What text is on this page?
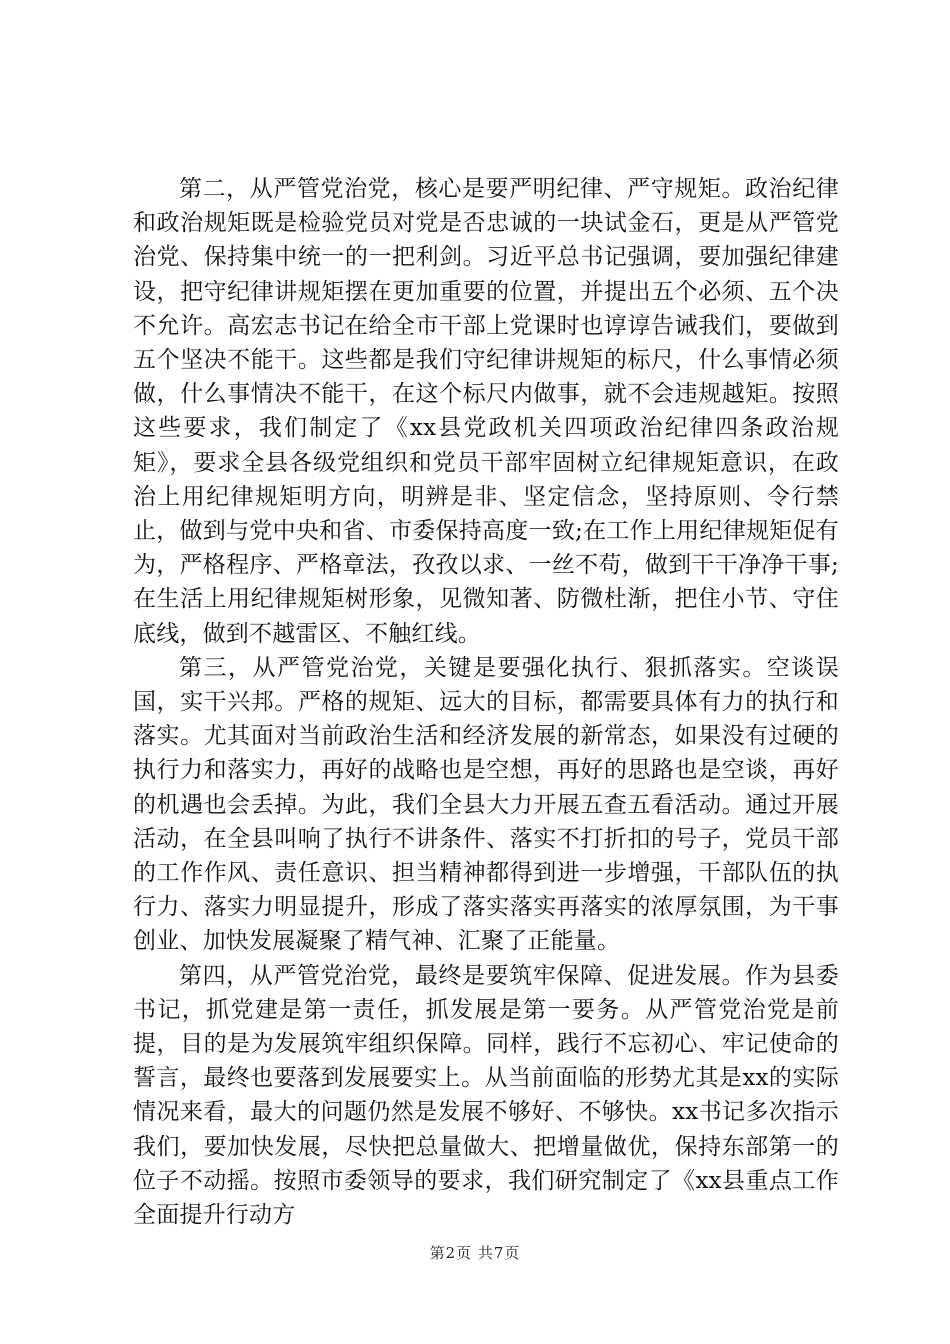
第二，从严管党治党，核心是要严明纪律、严守规矩。政治纪律和政治规矩既是检验党员对党是否忠诚的一块试金石，更是从严管党治党、保持集中统一的一把利剑。习近平总书记强调，要加强纪律建设，把守纪律讲规矩摆在更加重要的位置，并提出五个必须、五个决不允许。高宏志书记在给全市干部上党课时也谆谆告诫我们，要做到五个坚决不能干。这些都是我们守纪律讲规矩的标尺，什么事情必须做，什么事情决不能干，在这个标尺内做事，就不会违规越矩。按照这些要求，我们制定了《xx县党政机关四项政治纪律四条政治规矩》，要求全县各级党组织和党员干部牢固树立纪律规矩意识，在政治上用纪律规矩明方向，明辨是非、坚定信念，坚持原则、令行禁止，做到与党中央和省、市委保持高度一致;在工作上用纪律规矩促有为，严格程序、严格章法，孜孜以求、一丝不苟，做到干干净净干事;在生活上用纪律规矩树形象，见微知著、防微杜渐，把住小节、守住底线，做到不越雷区、不触红线。

第三，从严管党治党，关键是要强化执行、狠抓落实。空谈误国，实干兴邦。严格的规矩、远大的目标，都需要具体有力的执行和落实。尤其面对当前政治生活和经济发展的新常态，如果没有过硬的执行力和落实力，再好的战略也是空想，再好的思路也是空谈，再好的机遇也会丢掉。为此，我们全县大力开展五查五看活动。通过开展活动，在全县叫响了执行不讲条件、落实不打折扣的号子，党员干部的工作作风、责任意识、担当精神都得到进一步增强，干部队伍的执行力、落实力明显提升，形成了落实落实再落实的浓厚氛围，为干事创业、加快发展凝聚了精气神、汇聚了正能量。

第四，从严管党治党，最终是要筑牢保障、促进发展。作为县委书记，抓党建是第一责任，抓发展是第一要务。从严管党治党是前提，目的是为发展筑牢组织保障。同样，践行不忘初心、牢记使命的誓言，最终也要落到发展要实上。从当前面临的形势尤其是xx的实际情况来看，最大的问题仍然是发展不够好、不够快。xx书记多次指示我们，要加快发展，尽快把总量做大、把增量做优，保持东部第一的位子不动摇。按照市委领导的要求，我们研究制定了《xx县重点工作全面提升行动方

第2页 共7页
